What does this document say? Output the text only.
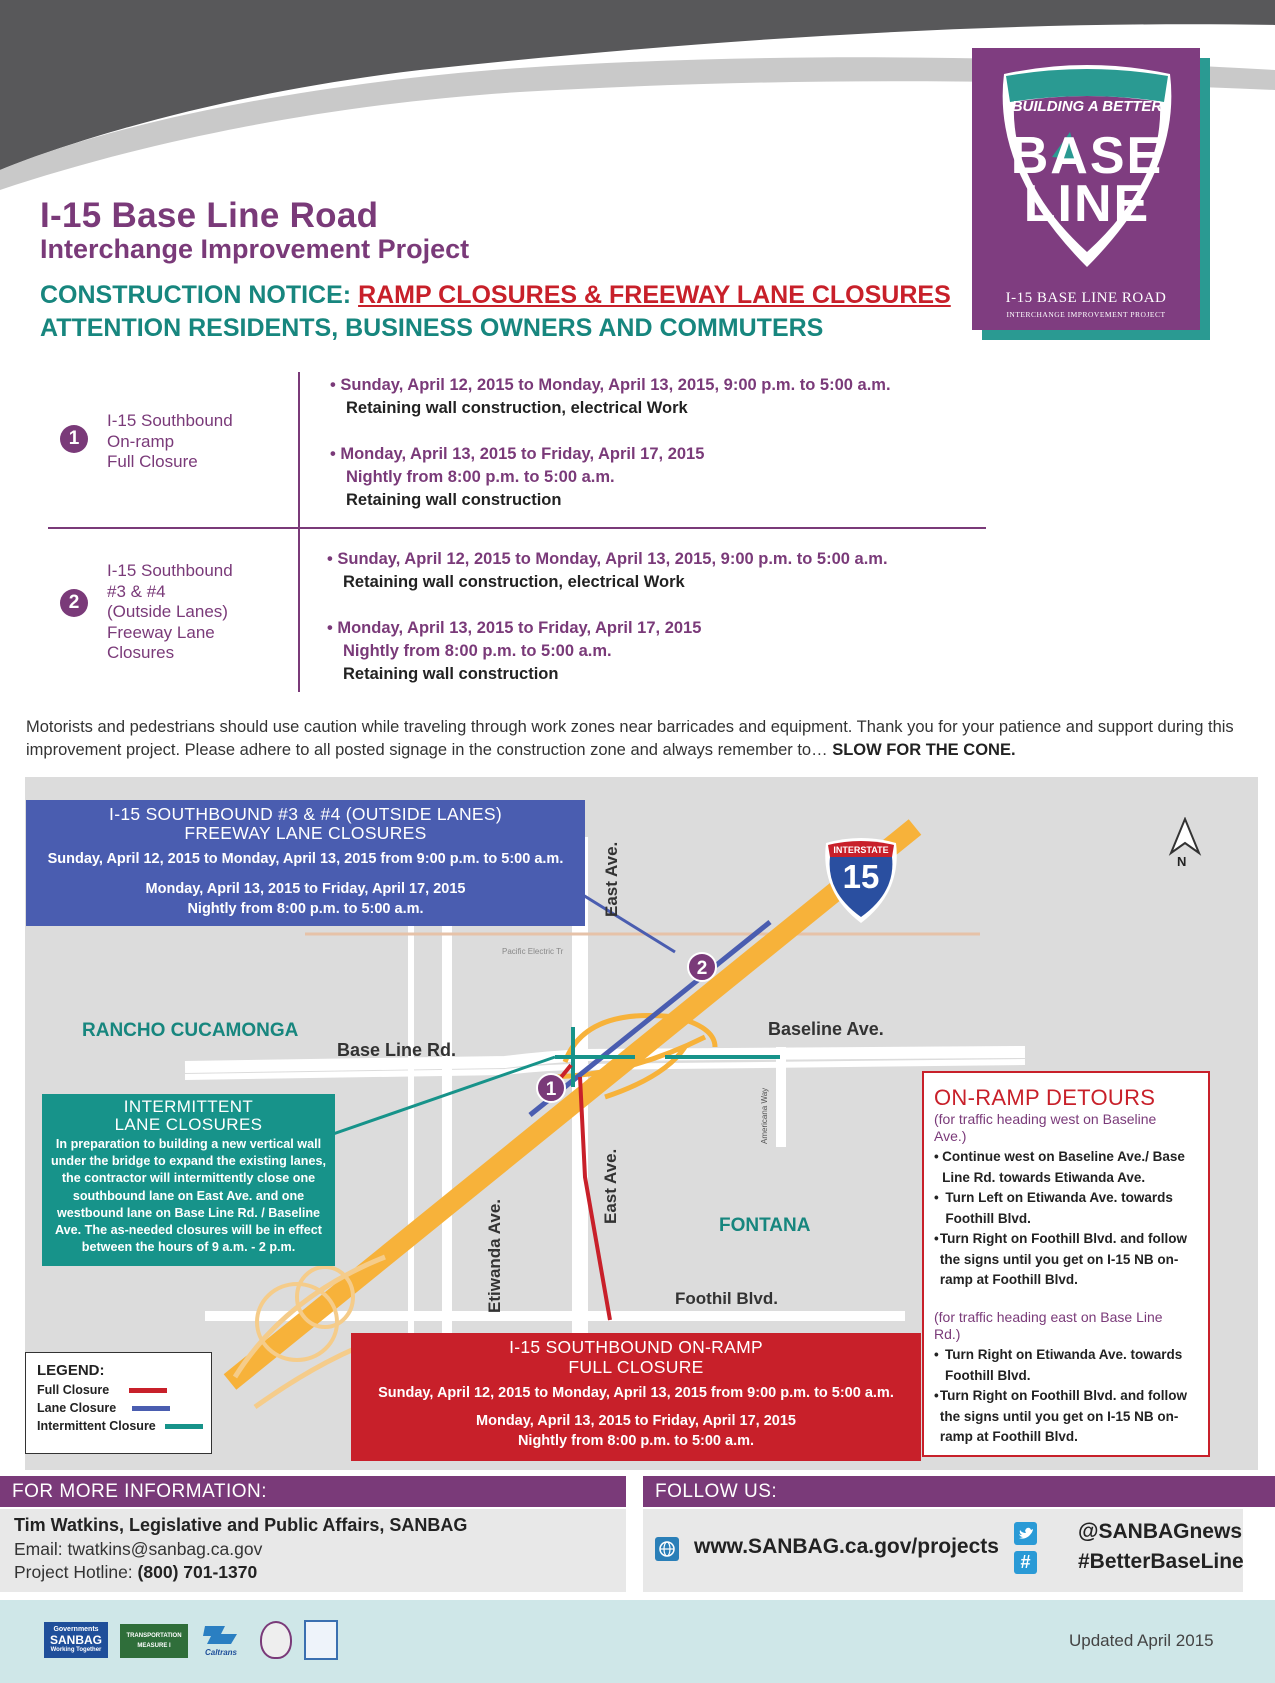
BUILDING A BETTER
BASE
LINE
I-15 BASE LINE ROAD
INTERCHANGE IMPROVEMENT PROJECT
I-15 Base Line Road
Interchange Improvement Project
CONSTRUCTION NOTICE: RAMP CLOSURES & FREEWAY LANE CLOSURES
ATTENTION RESIDENTS, BUSINESS OWNERS AND COMMUTERS
1
I-15 Southbound
On-ramp
Full Closure
• Sunday, April 12, 2015 to Monday, April 13, 2015, 9:00 p.m. to 5:00 a.m.
Retaining wall construction, electrical Work
• Monday, April 13, 2015 to Friday, April 17, 2015
Nightly from 8:00 p.m. to 5:00 a.m.
Retaining wall construction
2
I-15 Southbound
#3 & #4
(Outside Lanes)
Freeway Lane
Closures
• Sunday, April 12, 2015 to Monday, April 13, 2015, 9:00 p.m. to 5:00 a.m.
Retaining wall construction, electrical Work
• Monday, April 13, 2015 to Friday, April 17, 2015
Nightly from 8:00 p.m. to 5:00 a.m.
Retaining wall construction
Motorists and pedestrians should use caution while traveling through work zones near barricades and equipment. Thank you for your patience and support during this improvement project. Please adhere to all posted signage in the construction zone and always remember to… SLOW FOR THE CONE.
2
1
INTERSTATE
15	N
RANCHO CUCAMONGA
Base Line Rd.
Baseline Ave.
FONTANA
Foothil Blvd.
East Ave.
East Ave.
Etiwanda Ave.
Americana Way
Pacific Electric Tr
I-15 SOUTHBOUND #3 & #4 (OUTSIDE LANES)
FREEWAY LANE CLOSURES
Sunday, April 12, 2015 to Monday, April 13, 2015 from 9:00 p.m. to 5:00 a.m.
Monday, April 13, 2015 to Friday, April 17, 2015
Nightly from 8:00 p.m. to 5:00 a.m.
INTERMITTENT
LANE CLOSURES
In preparation to building a new vertical wall under the bridge to expand the existing lanes, the contractor will intermittently close one southbound lane on East Ave. and one westbound lane on Base Line Rd. / Baseline Ave. The as-needed closures will be in effect between the hours of 9 a.m. - 2 p.m.
I-15 SOUTHBOUND ON-RAMP
FULL CLOSURE
Sunday, April 12, 2015 to Monday, April 13, 2015 from 9:00 p.m. to 5:00 a.m.
Monday, April 13, 2015 to Friday, April 17, 2015
Nightly from 8:00 p.m. to 5:00 a.m.
LEGEND:
Full Closure
Lane Closure
Intermittent Closure
ON-RAMP DETOURS
(for traffic heading west on Baseline Ave.)
• Continue west on Baseline Ave./ Base Line Rd. towards Etiwanda Ave.
• Turn Left on Etiwanda Ave. towards Foothill Blvd.
• Turn Right on Foothill Blvd. and follow the signs until you get on I-15 NB on-ramp at Foothill Blvd.
(for traffic heading east on Base Line Rd.)
• Turn Right on Etiwanda Ave. towards Foothill Blvd.
• Turn Right on Foothill Blvd. and follow the signs until you get on I-15 NB on-ramp at Foothill Blvd.
FOR MORE INFORMATION:
Tim Watkins, Legislative and Public Affairs, SANBAG
Email: twatkins@sanbag.ca.gov
Project Hotline: (800) 701-1370
FOLLOW US:
www.SANBAG.ca.gov/projects
#
@SANBAGnews
#BetterBaseLine
Governments
SANBAG
Working Together
TRANSPORTATION MEASURE I
Caltrans
Updated April 2015
